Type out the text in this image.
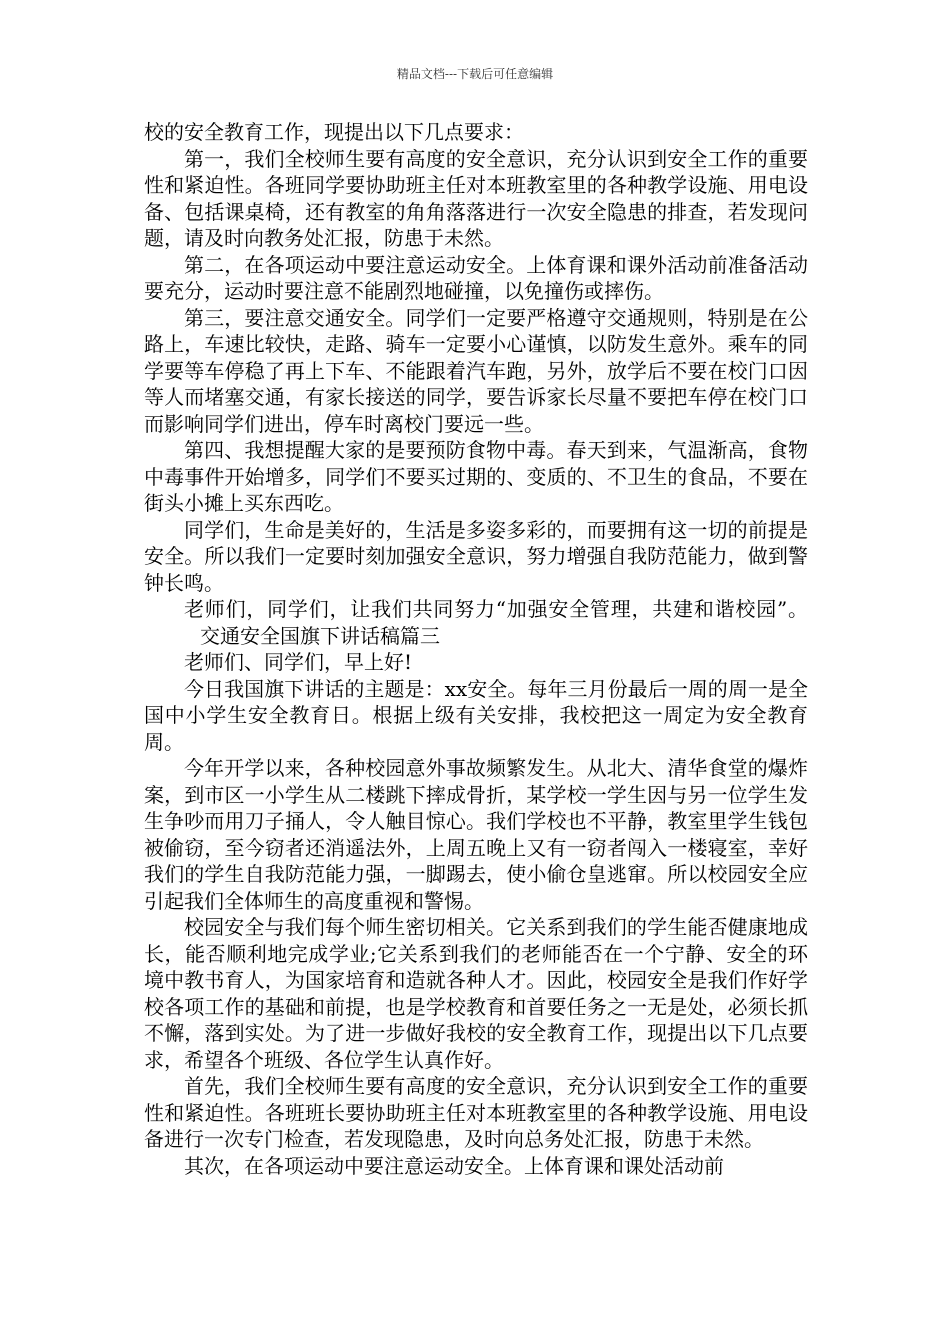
精品文档---下载后可任意编辑

校的安全教育工作，现提出以下几点要求：

第一，我们全校师生要有高度的安全意识，充分认识到安全工作的重要性和紧迫性。各班同学要协助班主任对本班教室里的各种教学设施、用电设备、包括课桌椅，还有教室的角角落落进行一次安全隐患的排查，若发现问题，请及时向教务处汇报，防患于未然。

第二，在各项运动中要注意运动安全。上体育课和课外活动前准备活动要充分，运动时要注意不能剧烈地碰撞，以免撞伤或摔伤。

第三，要注意交通安全。同学们一定要严格遵守交通规则，特别是在公路上，车速比较快，走路、骑车一定要小心谨慎，以防发生意外。乘车的同学要等车停稳了再上下车、不能跟着汽车跑，另外，放学后不要在校门口因等人而堵塞交通，有家长接送的同学，要告诉家长尽量不要把车停在校门口而影响同学们进出，停车时离校门要远一些。

第四、我想提醒大家的是要预防食物中毒。春天到来，气温渐高，食物中毒事件开始增多，同学们不要买过期的、变质的、不卫生的食品，不要在街头小摊上买东西吃。

同学们，生命是美好的，生活是多姿多彩的，而要拥有这一切的前提是安全。所以我们一定要时刻加强安全意识，努力增强自我防范能力，做到警钟长鸣。

老师们，同学们，让我们共同努力“加强安全管理，共建和谐校园”。交通安全国旗下讲话稿篇三

老师们、同学们，早上好!

今日我国旗下讲话的主题是：xx安全。每年三月份最后一周的周一是全国中小学生安全教育日。根据上级有关安排，我校把这一周定为安全教育周。

今年开学以来，各种校园意外事故频繁发生。从北大、清华食堂的爆炸案，到市区一小学生从二楼跳下摔成骨折，某学校一学生因与另一位学生发生争吵而用刀子捅人，令人触目惊心。我们学校也不平静，教室里学生钱包被偷窃，至今窃者还消遥法外，上周五晚上又有一窃者闯入一楼寝室，幸好我们的学生自我防范能力强，一脚踢去，使小偷仓皇逃窜。所以校园安全应引起我们全体师生的高度重视和警惕。

校园安全与我们每个师生密切相关。它关系到我们的学生能否健康地成长，能否顺利地完成学业;它关系到我们的老师能否在一个宁静、安全的环境中教书育人，为国家培育和造就各种人才。因此，校园安全是我们作好学校各项工作的基础和前提，也是学校教育和首要任务之一无是处，必须长抓不懈，落到实处。为了进一步做好我校的安全教育工作，现提出以下几点要求，希望各个班级、各位学生认真作好。

首先，我们全校师生要有高度的安全意识，充分认识到安全工作的重要性和紧迫性。各班班长要协助班主任对本班教室里的各种教学设施、用电设备进行一次专门检查，若发现隐患，及时向总务处汇报，防患于未然。

其次，在各项运动中要注意运动安全。上体育课和课处活动前
